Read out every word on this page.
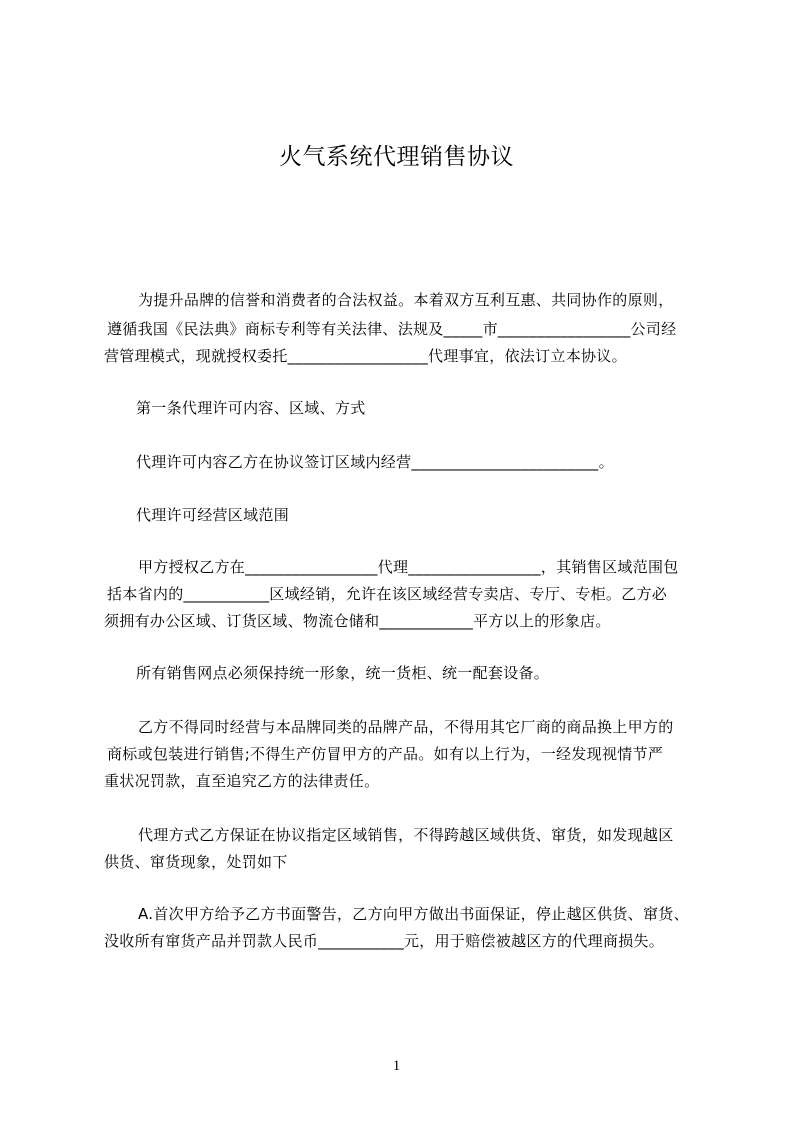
火气系统代理销售协议
为提升品牌的信誉和消费者的合法权益。本着双方互利互惠、共同协作的原则，
遵循我国《民法典》商标专利等有关法律、法规及_____市_________________公司经
营管理模式，现就授权委托__________________代理事宜，依法订立本协议。
第一条代理许可内容、区域、方式
代理许可内容乙方在协议签订区域内经营________________________。
代理许可经营区域范围
甲方授权乙方在_________________代理_________________，其销售区域范围包
括本省内的___________区域经销，允许在该区域经营专卖店、专厅、专柜。乙方必
须拥有办公区域、订货区域、物流仓储和____________平方以上的形象店。
所有销售网点必须保持统一形象，统一货柜、统一配套设备。
乙方不得同时经营与本品牌同类的品牌产品，不得用其它厂商的商品换上甲方的
商标或包装进行销售;不得生产仿冒甲方的产品。如有以上行为，一经发现视情节严
重状况罚款，直至追究乙方的法律责任。
代理方式乙方保证在协议指定区域销售，不得跨越区域供货、窜货，如发现越区
供货、窜货现象，处罚如下
A.首次甲方给予乙方书面警告，乙方向甲方做出书面保证，停止越区供货、窜货、
没收所有窜货产品并罚款人民币___________元，用于赔偿被越区方的代理商损失。
1
